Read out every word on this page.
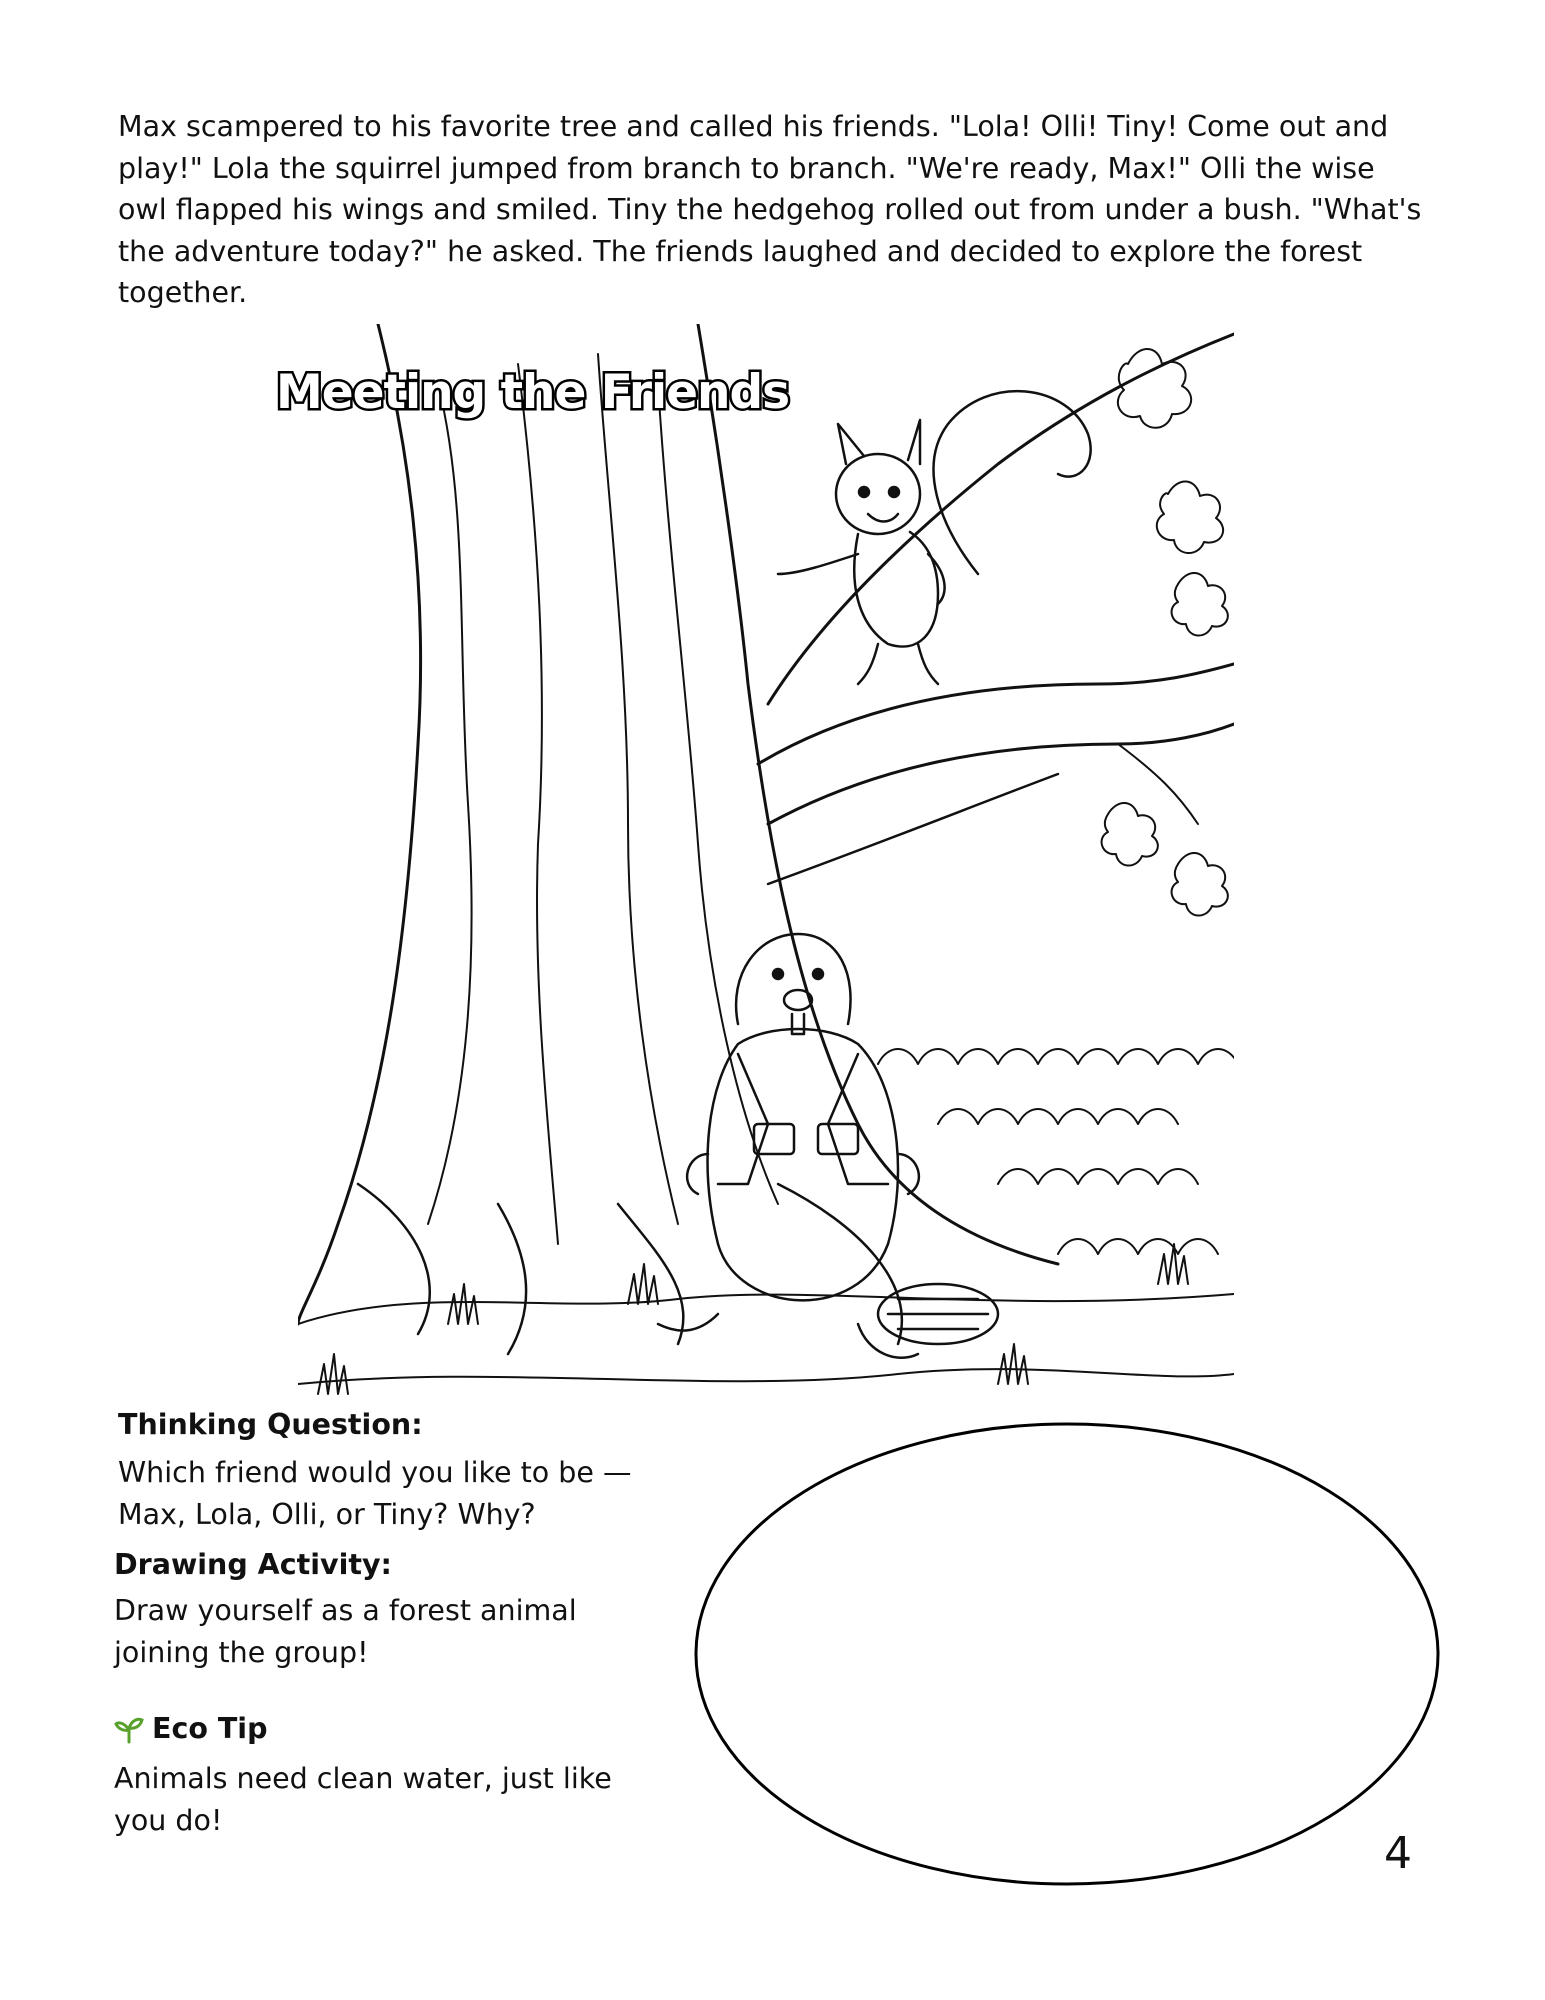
Max scampered to his favorite tree and called his friends. "Lola! Olli! Tiny! Come out and play!" Lola the squirrel jumped from branch to branch. "We're ready, Max!" Olli the wise owl flapped his wings and smiled. Tiny the hedgehog rolled out from under a bush. "What's the adventure today?" he asked. The friends laughed and decided to explore the forest together.

Meeting the Friends

Thinking Question:

Which friend would you like to be — Max, Lola, Olli, or Tiny? Why?

Drawing Activity:

Draw yourself as a forest animal joining the group!

Eco Tip

Animals need clean water, just like you do!

4
